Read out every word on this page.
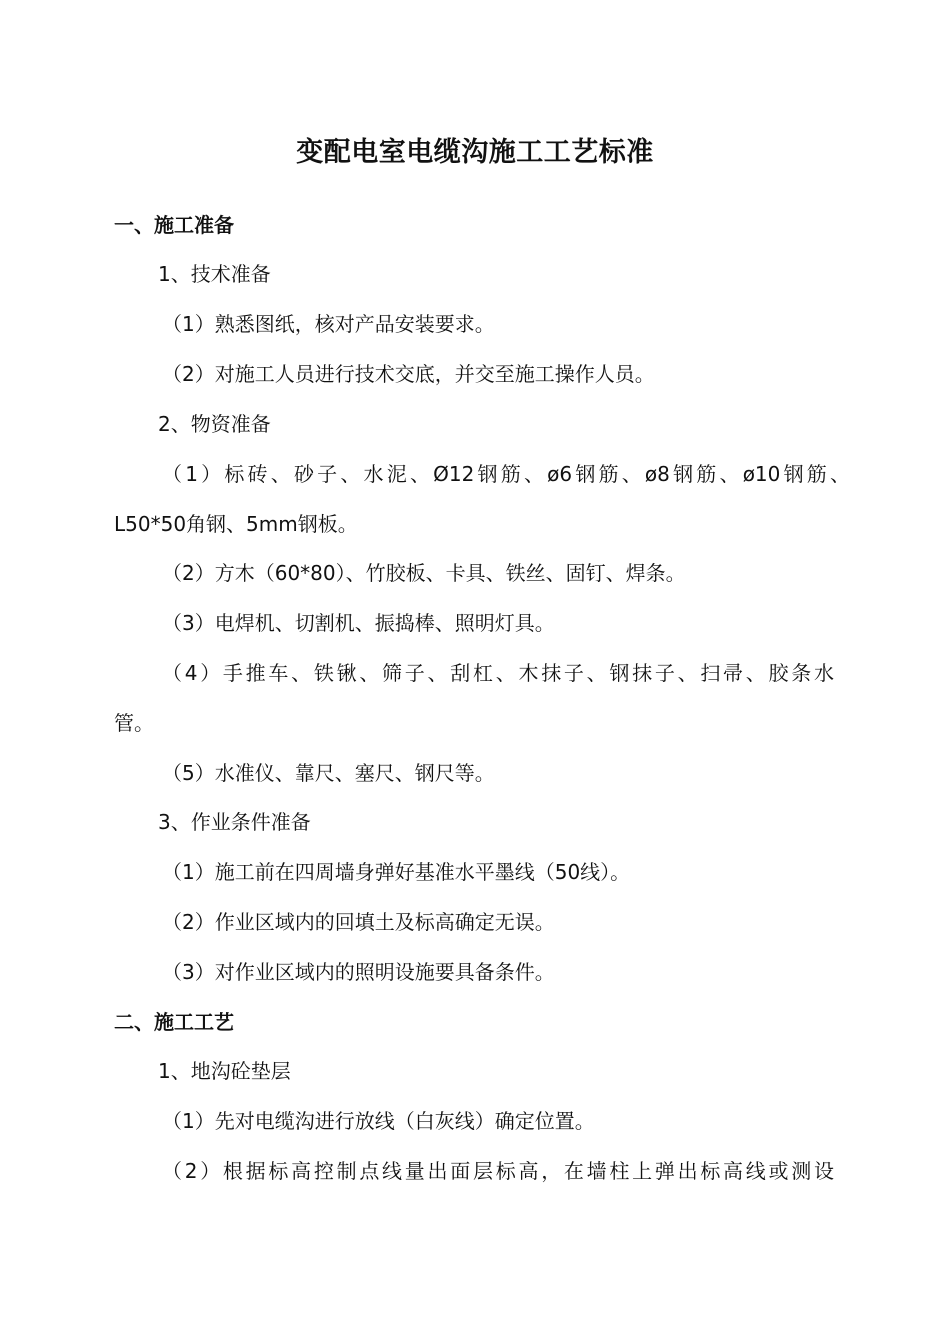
变配电室电缆沟施工工艺标准
一、施工准备
1、技术准备
（1）熟悉图纸，核对产品安装要求。
（2）对施工人员进行技术交底，并交至施工操作人员。
2、物资准备
（1）标砖、砂子、水泥、Ø12钢筋、ø6钢筋、ø8钢筋、ø10钢筋、
L50*50角钢、5mm钢板。
（2）方木（60*80）、竹胶板、卡具、铁丝、固钉、焊条。
（3）电焊机、切割机、振捣棒、照明灯具。
（4）手推车、铁锹、筛子、刮杠、木抹子、钢抹子、扫帚、胶条水
管。
（5）水准仪、靠尺、塞尺、钢尺等。
3、作业条件准备
（1）施工前在四周墙身弹好基准水平墨线（50线）。
（2）作业区域内的回填土及标高确定无误。
（3）对作业区域内的照明设施要具备条件。
二、施工工艺
1、地沟砼垫层
（1）先对电缆沟进行放线（白灰线）确定位置。
（2）根据标高控制点线量出面层标高，在墙柱上弹出标高线或测设
